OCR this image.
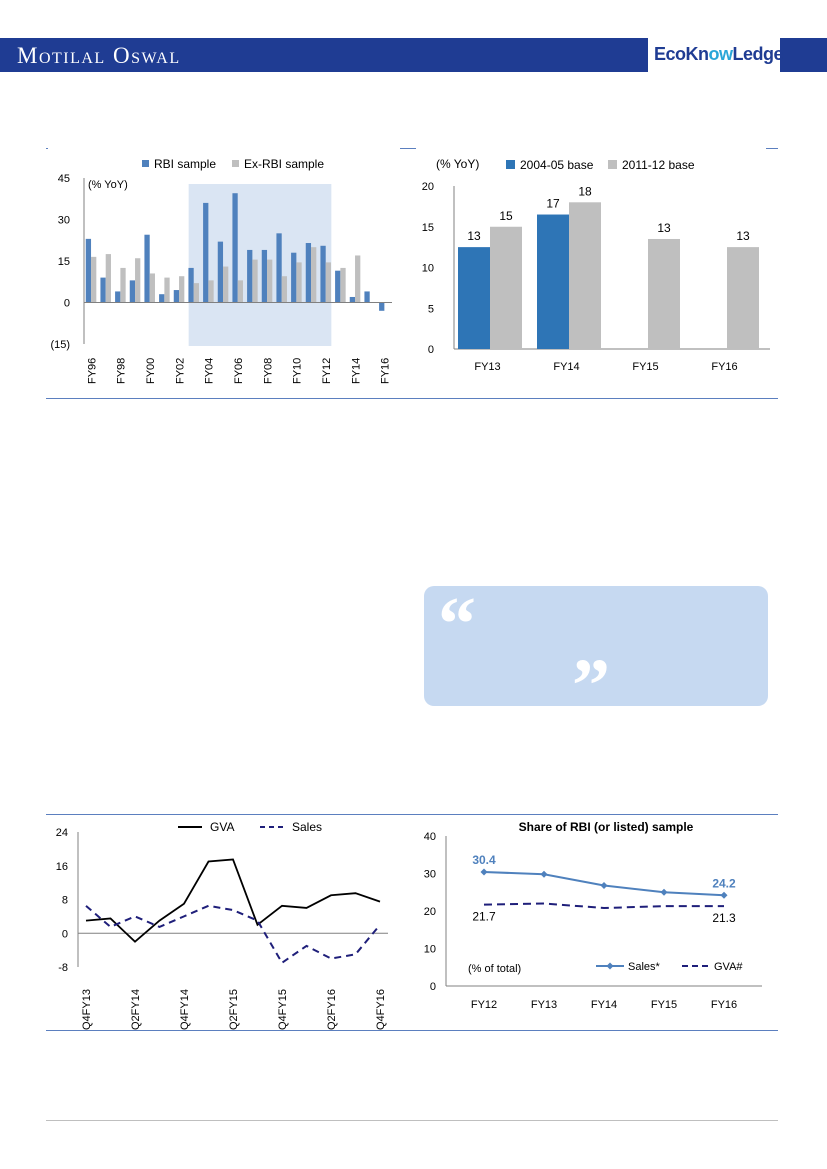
Motilal Oswal	EcoKnowLedge
45
30
15
0
(15)
(% YoY)
FY96 FY98 FY00 FY02 FY04 FY06 FY08 FY10 FY12 FY14 FY16
RBI sample Ex-RBI sample
20
15
10
5
0
(% YoY)
13
15
FY13
17
18
FY14
13
FY15
13
FY16
2004-05 base 2011-12 base
“
”
24
16
8
0
-8
Q4FY13	Q2FY14	Q4FY14	Q2FY15	Q4FY15	Q2FY16	Q4FY16
GVA	Sales	Share of RBI (or listed) sample
40
30
20
10
0
FY12	FY13	FY14	FY15	FY16
(% of total)
30.4
24.2
21.7	21.3
Sales*	GVA#
